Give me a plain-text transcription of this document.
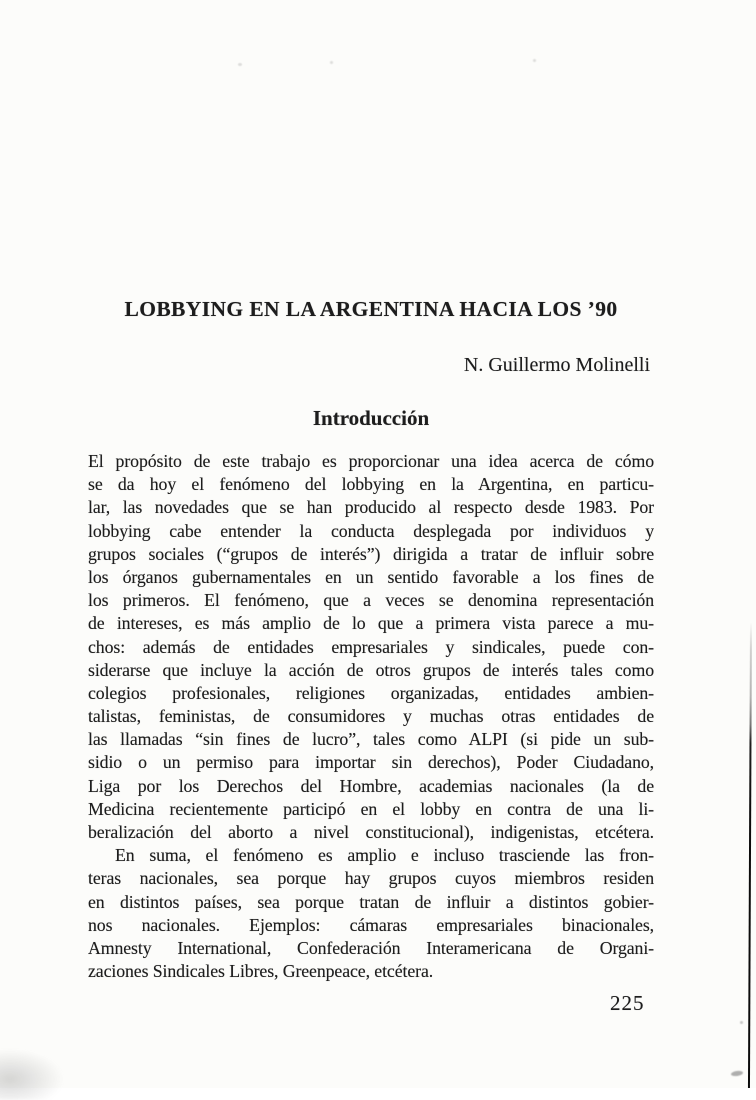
LOBBYING EN LA ARGENTINA HACIA LOS ’90
N. Guillermo Molinelli
Introducción
El propósito de este trabajo es proporcionar una idea acerca de cómo
se da hoy el fenómeno del lobbying en la Argentina, en particu-
lar, las novedades que se han producido al respecto desde 1983. Por
lobbying cabe entender la conducta desplegada por individuos y
grupos sociales (“grupos de interés”) dirigida a tratar de influir sobre
los órganos gubernamentales en un sentido favorable a los fines de
los primeros. El fenómeno, que a veces se denomina representación
de intereses, es más amplio de lo que a primera vista parece a mu-
chos: además de entidades empresariales y sindicales, puede con-
siderarse que incluye la acción de otros grupos de interés tales como
colegios profesionales, religiones organizadas, entidades ambien-
talistas, feministas, de consumidores y muchas otras entidades de
las llamadas “sin fines de lucro”, tales como ALPI (si pide un sub-
sidio o un permiso para importar sin derechos), Poder Ciudadano,
Liga por los Derechos del Hombre, academias nacionales (la de
Medicina recientemente participó en el lobby en contra de una li-
beralización del aborto a nivel constitucional), indigenistas, etcétera.
En suma, el fenómeno es amplio e incluso trasciende las fron-
teras nacionales, sea porque hay grupos cuyos miembros residen
en distintos países, sea porque tratan de influir a distintos gobier-
nos nacionales. Ejemplos: cámaras empresariales binacionales,
Amnesty International, Confederación Interamericana de Organi-
zaciones Sindicales Libres, Greenpeace, etcétera.
225
